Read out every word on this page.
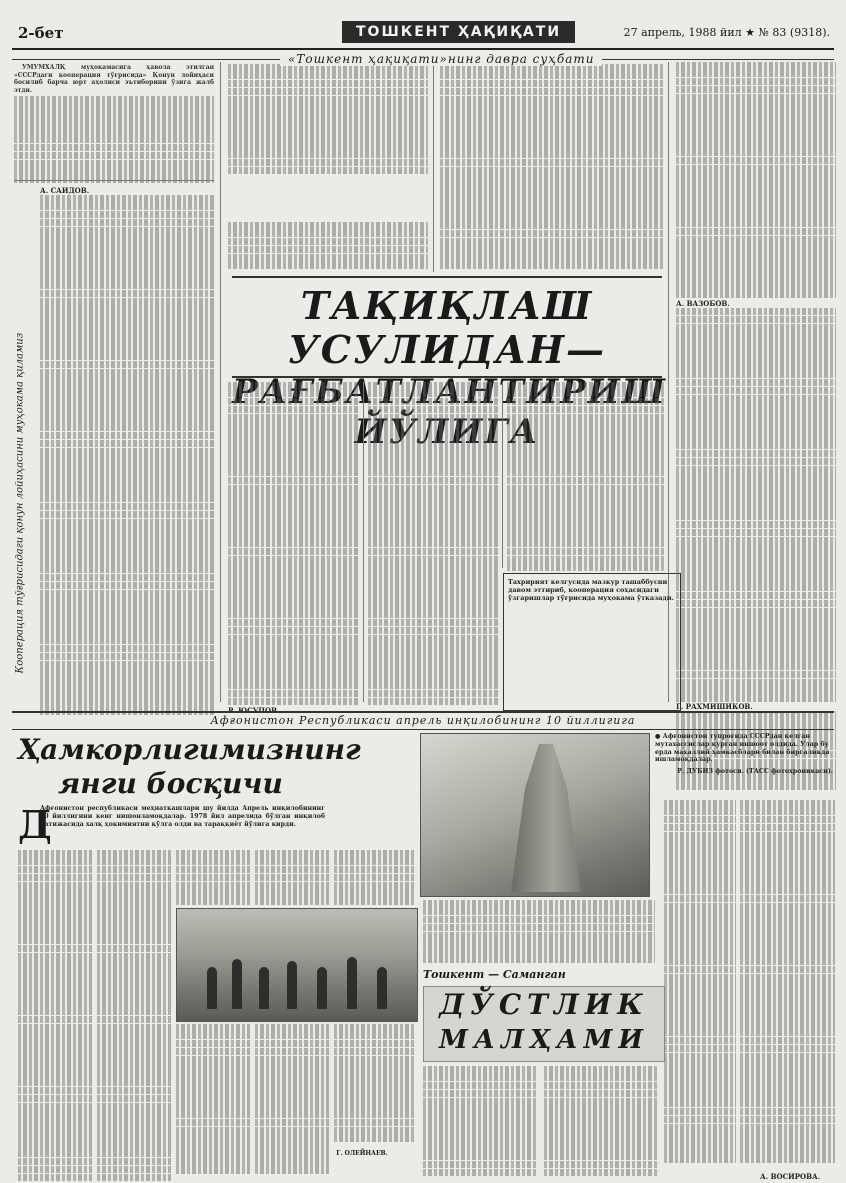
2-бет	ТОШКЕНТ ҲАҚИҚАТИ	27 апрель, 1988 йил ★ № 83 (9318).
«Тошкент ҳақиқати»нинг давра суҳбати

УМУМХАЛҚ муҳокамасига ҳавола этилган «СССРдаги кооперация тўғрисида» Қонун лойиҳаси босилиб барча юрт аҳолиси эътиборини ўзига жалб этди.

А. САИДОВ.
Кооперация тўғрисидаги қонун лойиҳасини муҳокама қиламиз
ТАҚИҚЛАШ УСУЛИДАН—
РАҒБАТЛАНТИРИШ ЙЎЛИГА
Р. ЮСУПОВ.
Тахририят келгусида мазкур ташаббусни давом эттириб, кооперация соҳасидаги ўзгаришлар тўғрисида муҳокама ўтказади.
А. ВАЗОБОВ.
Г. РАХМИШИКОВ.
Афғонистон Республикаси апрель инқилобининг 10 йиллигига
Ҳамкорлигимизнинг
янги босқичи
Д
Афғонистон республикаси меҳнаткашлари шу йилда Апрель инқилобининг 10 йиллигини кенг нишонламоқдалар. 1978 йил апрелида бўлган инқилоб натижасида халқ ҳокимиятни қўлга олди ва тараққиёт йўлига кирди.
Г. ОЛЕЙНАЕВ.
● Афғонистон тупроғида СССРдан келган мутахассислар қурган иншоот олдида. Улар бу ерда маҳаллий ҳамкасблари билан биргаликда ишламоқдалар.
Р. ДУБИЗ фотоси. (ТАСС фотохроникаси).
Тошкент — Саманган
ДЎСТЛИК
МАЛҲАМИ
А. ВОСИРОВА.
